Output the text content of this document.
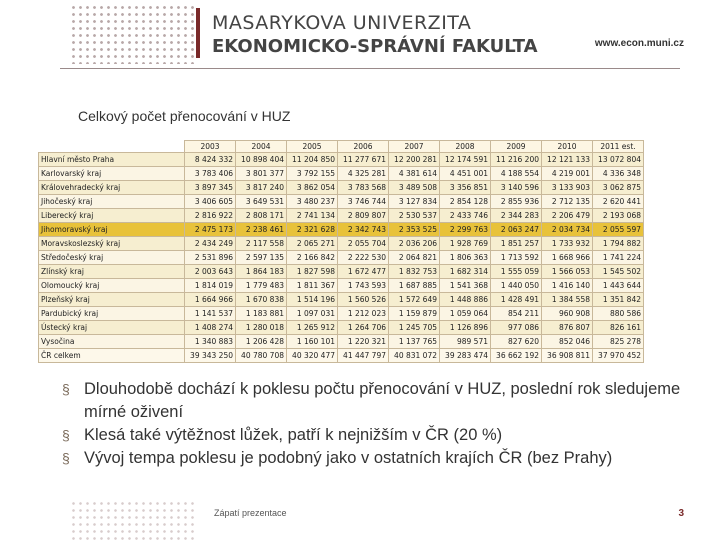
MASARYKOVA UNIVERZITA
EKONOMICKO-SPRÁVNÍ FAKULTA	www.econ.muni.cz
Celkový počet přenocování v HUZ
	2003	2004	2005	2006	2007	2008	2009	2010	2011 est.
Hlavní město Praha	8 424 332	10 898 404	11 204 850	11 277 671	12 200 281	12 174 591	11 216 200	12 121 133	13 072 804
Karlovarský kraj	3 783 406	3 801 377	3 792 155	4 325 281	4 381 614	4 451 001	4 188 554	4 219 001	4 336 348
Královehradecký kraj	3 897 345	3 817 240	3 862 054	3 783 568	3 489 508	3 356 851	3 140 596	3 133 903	3 062 875
Jihočeský kraj	3 406 605	3 649 531	3 480 237	3 746 744	3 127 834	2 854 128	2 855 936	2 712 135	2 620 441
Liberecký kraj	2 816 922	2 808 171	2 741 134	2 809 807	2 530 537	2 433 746	2 344 283	2 206 479	2 193 068
Jihomoravský kraj	2 475 173	2 238 461	2 321 628	2 342 743	2 353 525	2 299 763	2 063 247	2 034 734	2 055 597
Moravskoslezský kraj	2 434 249	2 117 558	2 065 271	2 055 704	2 036 206	1 928 769	1 851 257	1 733 932	1 794 882
Středočeský kraj	2 531 896	2 597 135	2 166 842	2 222 530	2 064 821	1 806 363	1 713 592	1 668 966	1 741 224
Zlínský kraj	2 003 643	1 864 183	1 827 598	1 672 477	1 832 753	1 682 314	1 555 059	1 566 053	1 545 502
Olomoucký kraj	1 814 019	1 779 483	1 811 367	1 743 593	1 687 885	1 541 368	1 440 050	1 416 140	1 443 644
Plzeňský kraj	1 664 966	1 670 838	1 514 196	1 560 526	1 572 649	1 448 886	1 428 491	1 384 558	1 351 842
Pardubický kraj	1 141 537	1 183 881	1 097 031	1 212 023	1 159 879	1 059 064	854 211	960 908	880 586
Ústecký kraj	1 408 274	1 280 018	1 265 912	1 264 706	1 245 705	1 126 896	977 086	876 807	826 161
Vysočina	1 340 883	1 206 428	1 160 101	1 220 321	1 137 765	989 571	827 620	852 046	825 278
ČR celkem	39 343 250	40 780 708	40 320 477	41 447 797	40 831 072	39 283 474	36 662 192	36 908 811	37 970 452
§ Dlouhodobě dochází k poklesu počtu přenocování v HUZ, poslední rok sledujeme mírné oživení
§ Klesá také výtěžnost lůžek, patří k nejnižším v ČR (20 %)
§ Vývoj tempa poklesu je podobný jako v ostatních krajích ČR (bez Prahy)
Zápatí prezentace	3
